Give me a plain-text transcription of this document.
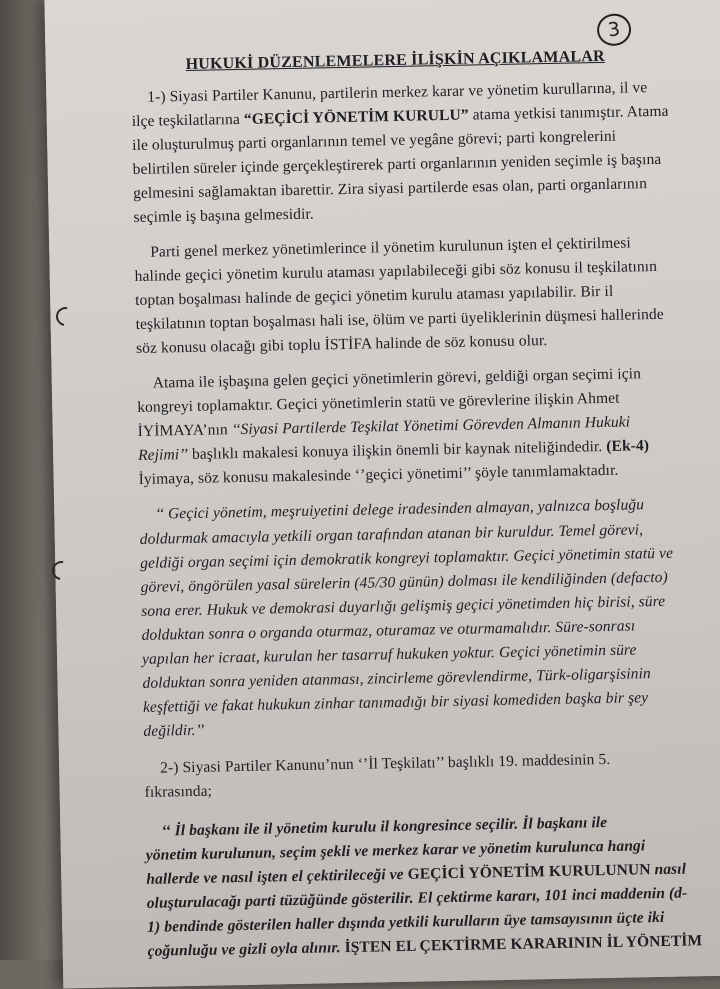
3
HUKUKİ DÜZENLEMELERE İLİŞKİN AÇIKLAMALAR
1-) Siyasi Partiler Kanunu, partilerin merkez karar ve yönetim kurullarına, il ve
ilçe teşkilatlarına “GEÇİCİ YÖNETİM KURULU” atama yetkisi tanımıştır. Atama
ile oluşturulmuş parti organlarının temel ve yegâne görevi; parti kongrelerini
belirtilen süreler içinde gerçekleştirerek parti organlarının yeniden seçimle iş başına
gelmesini sağlamaktan ibarettir. Zira siyasi partilerde esas olan, parti organlarının
seçimle iş başına gelmesidir.
Parti genel merkez yönetimlerince il yönetim kurulunun işten el çektirilmesi
halinde geçici yönetim kurulu ataması yapılabileceği gibi söz konusu il teşkilatının
toptan boşalması halinde de geçici yönetim kurulu ataması yapılabilir. Bir il
teşkilatının toptan boşalması hali ise, ölüm ve parti üyeliklerinin düşmesi hallerinde
söz konusu olacağı gibi toplu İSTİFA halinde de söz konusu olur.
Atama ile işbaşına gelen geçici yönetimlerin görevi, geldiği organ seçimi için
kongreyi toplamaktır. Geçici yönetimlerin statü ve görevlerine ilişkin Ahmet
İYİMAYA’nın ‘‘Siyasi Partilerde Teşkilat Yönetimi Görevden Almanın Hukuki
Rejimi’’ başlıklı makalesi konuya ilişkin önemli bir kaynak niteliğindedir. (Ek-4)
İyimaya, söz konusu makalesinde ‘’geçici yönetimi’’ şöyle tanımlamaktadır.
‘‘ Geçici yönetim, meşruiyetini delege iradesinden almayan, yalnızca boşluğu
doldurmak amacıyla yetkili organ tarafından atanan bir kuruldur. Temel görevi,
geldiği organ seçimi için demokratik kongreyi toplamaktır. Geçici yönetimin statü ve
görevi, öngörülen yasal sürelerin (45/30 günün) dolması ile kendiliğinden (defacto)
sona erer. Hukuk ve demokrasi duyarlığı gelişmiş geçici yönetimden hiç birisi, süre
dolduktan sonra o organda oturmaz, oturamaz ve oturmamalıdır. Süre-sonrası
yapılan her icraat, kurulan her tasarruf hukuken yoktur. Geçici yönetimin süre
dolduktan sonra yeniden atanması, zincirleme görevlendirme, Türk-oligarşisinin
keşfettiği ve fakat hukukun zinhar tanımadığı bir siyasi komediden başka bir şey
değildir.’’
2-) Siyasi Partiler Kanunu’nun ‘’İl Teşkilatı’’ başlıklı 19. maddesinin 5.
fıkrasında;
‘‘ İl başkanı ile il yönetim kurulu il kongresince seçilir. İl başkanı ile
yönetim kurulunun, seçim şekli ve merkez karar ve yönetim kurulunca hangi
hallerde ve nasıl işten el çektirileceği ve GEÇİCİ YÖNETİM KURULUNUN nasıl
oluşturulacağı parti tüzüğünde gösterilir. El çektirme kararı, 101 inci maddenin (d-
1) bendinde gösterilen haller dışında yetkili kurulların üye tamsayısının üçte iki
çoğunluğu ve gizli oyla alınır. İŞTEN EL ÇEKTİRME KARARININ İL YÖNETİM
